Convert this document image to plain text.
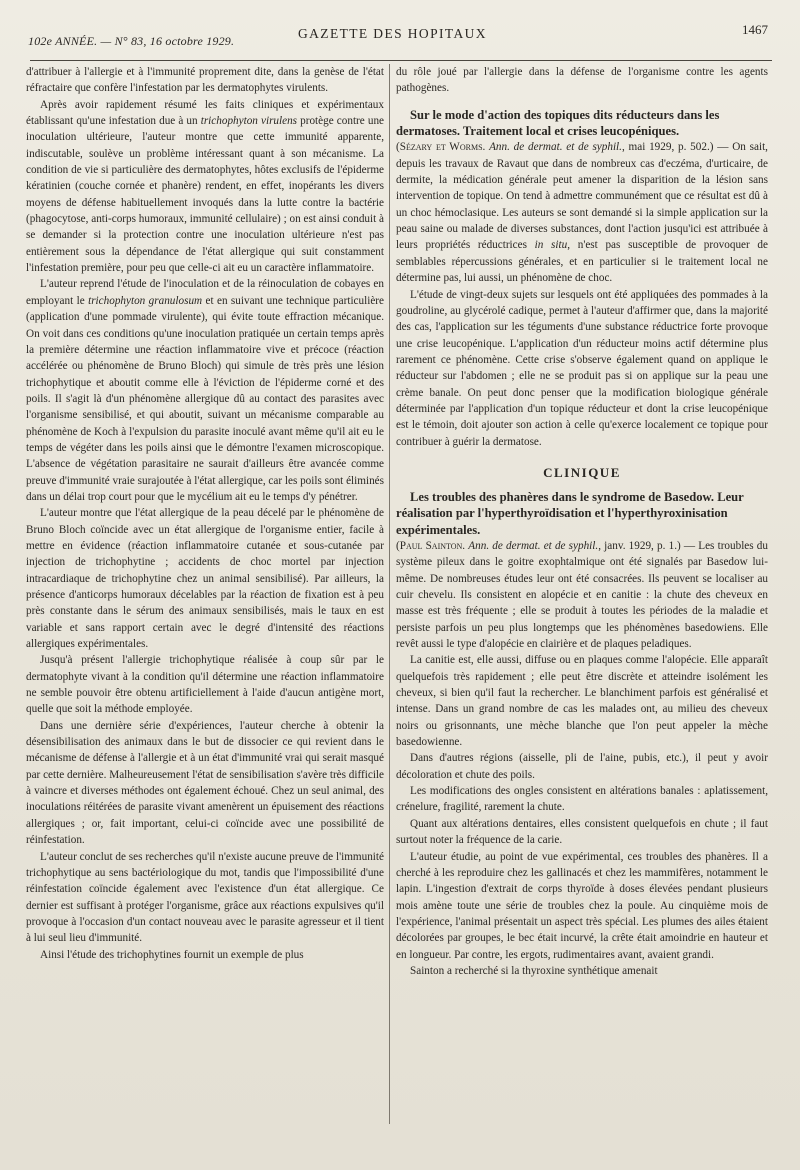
102e ANNÉE. — N° 83, 16 octobre 1929.	GAZETTE DES HOPITAUX	1467

d'attribuer à l'allergie et à l'immunité proprement dite, dans la genèse de l'état réfractaire que confère l'infestation par les dermatophytes virulents.

Après avoir rapidement résumé les faits cliniques et expérimentaux établissant qu'une infestation due à un trichophyton virulens protège contre une inoculation ultérieure, l'auteur montre que cette immunité apparente, indiscutable, soulève un problème intéressant quant à son mécanisme. La condition de vie si particulière des dermatophytes, hôtes exclusifs de l'épiderme kératinien (couche cornée et phanère) rendent, en effet, inopérants les divers moyens de défense habituellement invoqués dans la lutte contre la bactérie (phagocytose, anti-corps humoraux, immunité cellulaire) ; on est ainsi conduit à se demander si la protection contre une inoculation ultérieure n'est pas entièrement sous la dépendance de l'état allergique qui suit constamment l'infestation première, pour peu que celle-ci ait eu un caractère inflammatoire.

L'auteur reprend l'étude de l'inoculation et de la réinoculation de cobayes en employant le trichophyton granulosum et en suivant une technique particulière (application d'une pommade virulente), qui évite toute effraction mécanique. On voit dans ces conditions qu'une inoculation pratiquée un certain temps après la première détermine une réaction inflammatoire vive et précoce (réaction accélérée ou phénomène de Bruno Bloch) qui simule de très près une lésion trichophytique et aboutit comme elle à l'éviction de l'épiderme corné et des poils. Il s'agit là d'un phénomène allergique dû au contact des parasites avec l'organisme sensibilisé, et qui aboutit, suivant un mécanisme comparable au phénomène de Koch à l'expulsion du parasite inoculé avant même qu'il ait eu le temps de végéter dans les poils ainsi que le démontre l'examen microscopique. L'absence de végétation parasitaire ne saurait d'ailleurs être avancée comme preuve d'immunité vraie surajoutée à l'état allergique, car les poils sont éliminés dans un délai trop court pour que le mycélium ait eu le temps d'y pénétrer.

L'auteur montre que l'état allergique de la peau décelé par le phénomène de Bruno Bloch coïncide avec un état allergique de l'organisme entier, facile à mettre en évidence (réaction inflammatoire cutanée et sous-cutanée par injection de trichophytine ; accidents de choc mortel par injection intracardiaque de trichophytine chez un animal sensibilisé). Par ailleurs, la présence d'anticorps humoraux décelables par la réaction de fixation est à peu près constante dans le sérum des animaux sensibilisés, mais le taux en est variable et sans rapport certain avec le degré d'intensité des réactions allergiques expérimentales.

Jusqu'à présent l'allergie trichophytique réalisée à coup sûr par le dermatophyte vivant à la condition qu'il détermine une réaction inflammatoire ne semble pouvoir être obtenu artificiellement à l'aide d'aucun antigène mort, quelle que soit la méthode employée.

Dans une dernière série d'expériences, l'auteur cherche à obtenir la désensibilisation des animaux dans le but de dissocier ce qui revient dans le mécanisme de défense à l'allergie et à un état d'immunité vrai qui serait masqué par cette dernière. Malheureusement l'état de sensibilisation s'avère très difficile à vaincre et diverses méthodes ont également échoué. Chez un seul animal, des inoculations réitérées de parasite vivant amenèrent un épuisement des réactions allergiques ; or, fait important, celui-ci coïncide avec une possibilité de réinfestation.

L'auteur conclut de ses recherches qu'il n'existe aucune preuve de l'immunité trichophytique au sens bactériologique du mot, tandis que l'impossibilité d'une réinfestation coïncide également avec l'existence d'un état allergique. Ce dernier est suffisant à protéger l'organisme, grâce aux réactions expulsives qu'il provoque à l'occasion d'un contact nouveau avec le parasite agresseur et il tient à lui seul lieu d'immunité.

Ainsi l'étude des trichophytines fournit un exemple de plus

du rôle joué par l'allergie dans la défense de l'organisme contre les agents pathogènes.

Sur le mode d'action des topiques dits réducteurs dans les dermatoses. Traitement local et crises leucopéniques.

(Sézary et Worms. Ann. de dermat. et de syphil., mai 1929, p. 502.) — On sait, depuis les travaux de Ravaut que dans de nombreux cas d'eczéma, d'urticaire, de dermite, la médication générale peut amener la disparition de la lésion sans intervention de topique. On tend à admettre communément que ce résultat est dû à un choc hémoclasique. Les auteurs se sont demandé si la simple application sur la peau saine ou malade de diverses substances, dont l'action jusqu'ici est attribuée à leurs propriétés réductrices in situ, n'est pas susceptible de provoquer de semblables répercussions générales, et en particulier si le traitement local ne détermine pas, lui aussi, un phénomène de choc.

L'étude de vingt-deux sujets sur lesquels ont été appliquées des pommades à la goudroline, au glycérolé cadique, permet à l'auteur d'affirmer que, dans la majorité des cas, l'application sur les téguments d'une substance réductrice forte provoque une crise leucopénique. L'application d'un réducteur moins actif détermine plus rarement ce phénomène. Cette crise s'observe également quand on applique le réducteur sur l'abdomen ; elle ne se produit pas si on applique sur la peau une crème banale. On peut donc penser que la modification biologique générale déterminée par l'application d'un topique réducteur et dont la crise leucopénique est le témoin, doit ajouter son action à celle qu'exerce localement ce topique pour contribuer à guérir la dermatose.

CLINIQUE
Les troubles des phanères dans le syndrome de Basedow. Leur réalisation par l'hyperthyroïdisation et l'hyperthyroxinisation expérimentales.

(Paul Sainton. Ann. de dermat. et de syphil., janv. 1929, p. 1.) — Les troubles du système pileux dans le goitre exophtalmique ont été signalés par Basedow lui-même. De nombreuses études leur ont été consacrées. Ils peuvent se localiser au cuir chevelu. Ils consistent en alopécie et en canitie : la chute des cheveux en masse est très fréquente ; elle se produit à toutes les périodes de la maladie et persiste parfois un peu plus longtemps que les phénomènes basedowiens. Elle revêt aussi le type d'alopécie en clairière et de plaques peladiques.

La canitie est, elle aussi, diffuse ou en plaques comme l'alopécie. Elle apparaît quelquefois très rapidement ; elle peut être discrète et atteindre isolément les cheveux, si bien qu'il faut la rechercher. Le blanchiment parfois est généralisé et intense. Dans un grand nombre de cas les malades ont, au milieu des cheveux noirs ou grisonnants, une mèche blanche que l'on peut appeler la mèche basedowienne.

Dans d'autres régions (aisselle, pli de l'aine, pubis, etc.), il peut y avoir décoloration et chute des poils.

Les modifications des ongles consistent en altérations banales : aplatissement, crénelure, fragilité, rarement la chute.

Quant aux altérations dentaires, elles consistent quelquefois en chute ; il faut surtout noter la fréquence de la carie.

L'auteur étudie, au point de vue expérimental, ces troubles des phanères. Il a cherché à les reproduire chez les gallinacés et chez les mammifères, notamment le lapin. L'ingestion d'extrait de corps thyroïde à doses élevées pendant plusieurs mois amène toute une série de troubles chez la poule. Au cinquième mois de l'expérience, l'animal présentait un aspect très spécial. Les plumes des ailes étaient décolorées par groupes, le bec était incurvé, la crête était amoindrie en hauteur et en longueur. Par contre, les ergots, rudimentaires avant, avaient grandi.

Sainton a recherché si la thyroxine synthétique amenait
